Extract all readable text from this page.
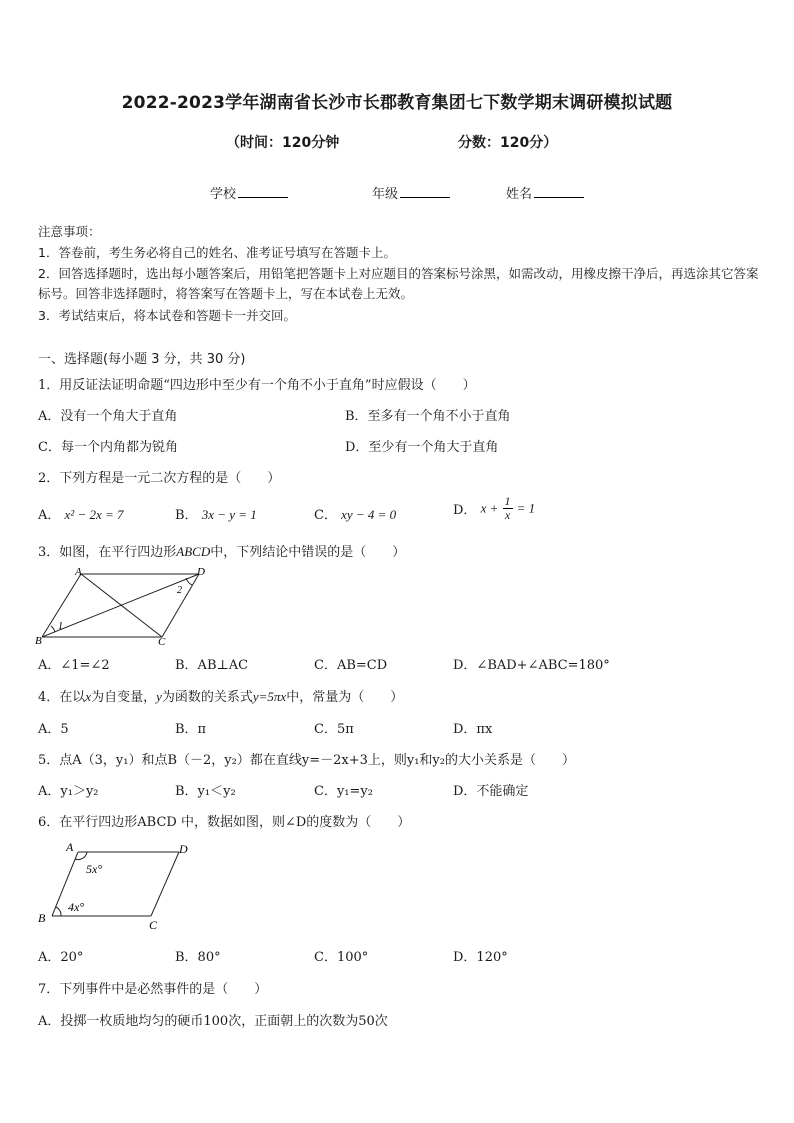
2022-2023学年湖南省长沙市长郡教育集团七下数学期末调研模拟试题
（时间：120分钟	分数：120分）
学校	年级	姓名
注意事项：
1．答卷前，考生务必将自己的姓名、准考证号填写在答题卡上。
2．回答选择题时，选出每小题答案后，用铅笔把答题卡上对应题目的答案标号涂黑，如需改动，用橡皮擦干净后，再选涂其它答案标号。回答非选择题时，将答案写在答题卡上，写在本试卷上无效。
3．考试结束后，将本试卷和答题卡一并交回。
一、选择题(每小题 3 分，共 30 分)
1．用反证法证明命题“四边形中至少有一个角不小于直角”时应假设（　　）
A．没有一个角大于直角	B．至多有一个角不小于直角
C．每一个内角都为锐角	D．至少有一个角大于直角
2．下列方程是一元二次方程的是（　　）
A． x² − 2x = 7	B． 3x − y = 1	C． xy − 4 = 0	D． $x + \frac{1}{x} = 1$
3．如图，在平行四边形ABCD中，下列结论中错误的是（　　）
A	D
B	C
1
2
A．∠1=∠2	B．AB⊥AC	C．AB=CD	D．∠BAD+∠ABC=180°
4．在以x为自变量，y为函数的关系式y=5πx中，常量为（　　）
A．5	B．π	C．5π	D．πx
5．点A（3，y₁）和点B（－2，y₂）都在直线y=－2x+3上，则y₁和y₂的大小关系是（　　）
A．y₁＞y₂	B．y₁＜y₂	C．y₁=y₂	D．不能确定
6．在平行四边形ABCD 中，数据如图，则∠D的度数为（　　）
A	D
B	C
5x°
4x°
A．20°	B．80°	C．100°	D．120°
7．下列事件中是必然事件的是（　　）
A．投掷一枚质地均匀的硬币100次，正面朝上的次数为50次
